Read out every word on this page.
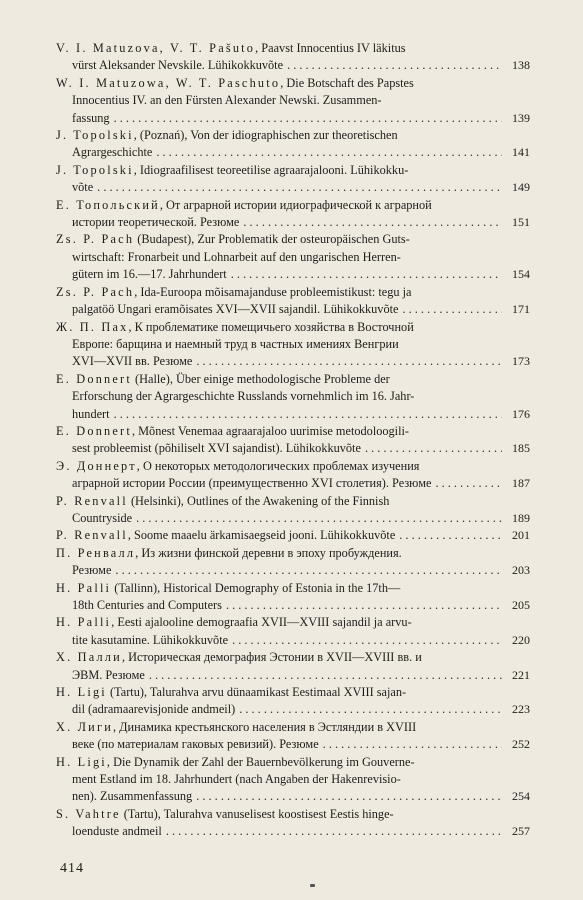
V. I. Matuzova, V. T. Pašuto, Paavst Innocentius IV läkitus
vürst Aleksander Nevskile. Lühikokkuvõte . . .	138

W. I. Matuzowa, W. T. Paschuto, Die Botschaft des Papstes
Innocentius IV. an den Fürsten Alexander Newski. Zusammen-
fassung . . .	139

J. Topolski, (Poznań), Von der idiographischen zur theoretischen
Agrargeschichte . . .	141

J. Topolski, Idiograafilisest teoreetilise agraarajalooni. Lühikokku-
võte . . .	149

Е. Топольский, От аграрной истории идиографической к аграрной
истории теоретической. Резюме . . .	151

Zs. P. Pach (Budapest), Zur Problematik der osteuropäischen Guts-
wirtschaft: Fronarbeit und Lohnarbeit auf den ungarischen Herren-
gütern im 16.—17. Jahrhundert . . .	154

Zs. P. Pach, Ida-Euroopa mõisamajanduse probleemistikust: tegu ja
palgatöö Ungari eramõisates XVI—XVII sajandil. Lühikokkuvõte . . .	171

Ж. П. Пах, К проблематике помещичьего хозяйства в Восточной
Европе: барщина и наемный труд в частных имениях Венгрии
XVI—XVII вв. Резюме . . .	173

E. Donnert (Halle), Über einige methodologische Probleme der
Erforschung der Agrargeschichte Russlands vornehmlich im 16. Jahr-
hundert . . .	176

E. Donnert, Mõnest Venemaa agraarajaloo uurimise metodoloogili-
sest probleemist (põhiliselt XVI sajandist). Lühikokkuvõte . . .	185

Э. Доннерт, О некоторых методологических проблемах изучения
аграрной истории России (преимущественно XVI столетия). Резюме . . .	187

P. Renvall (Helsinki), Outlines of the Awakening of the Finnish
Countryside . . .	189

P. Renvall, Soome maaelu ärkamisaegseid jooni. Lühikokkuvõte . . .	201

П. Ренвалл, Из жизни финской деревни в эпоху пробуждения.
Резюме . . .	203

H. Palli (Tallinn), Historical Demography of Estonia in the 17th—
18th Centuries and Computers . . .	205

H. Palli, Eesti ajalooline demograafia XVII—XVIII sajandil ja arvu-
tite kasutamine. Lühikokkuvõte . . .	220

Х. Палли, Историческая демография Эстонии в XVII—XVIII вв. и
ЭВМ. Резюме . . .	221

H. Ligi (Tartu), Talurahva arvu dünaamikast Eestimaal XVIII sajan-
dil (adramaarevisjonide andmeil) . . .	223

Х. Лиги, Динамика крестьянского населения в Эстляндии в XVIII
веке (по материалам гаковых ревизий). Резюме . . .	252

H. Ligi, Die Dynamik der Zahl der Bauernbevölkerung im Gouverne-
ment Estland im 18. Jahrhundert (nach Angaben der Hakenrevisio-
nen). Zusammenfassung . . .	254

S. Vahtre (Tartu), Talurahva vanuselisest koostisest Eestis hinge-
loenduste andmeil . . .	257

414
